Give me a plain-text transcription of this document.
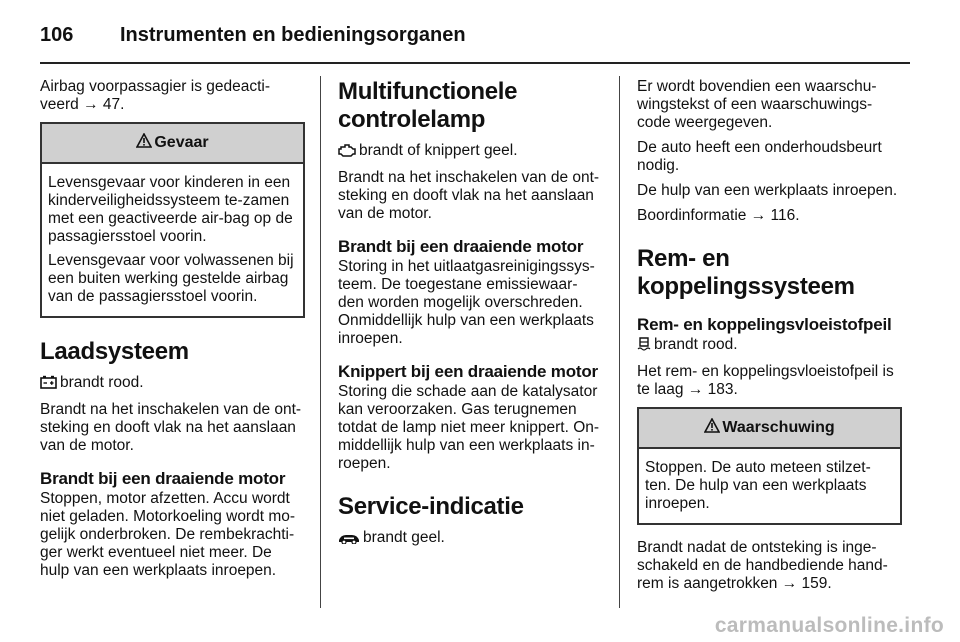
106 Instrumenten en bedieningsorganen

Airbag voorpassagier is gedeacti-veerd → 47.

Gevaar

Levensgevaar voor kinderen in een kinderveiligheidssysteem te-zamen met een geactiveerde air-bag op de passagiersstoel voorin.

Levensgevaar voor volwassenen bij een buiten werking gestelde airbag van de passagiersstoel voorin.

Laadsysteem

brandt rood.

Brandt na het inschakelen van de ont-steking en dooft vlak na het aanslaan van de motor.

Brandt bij een draaiende motor

Stoppen, motor afzetten. Accu wordt niet geladen. Motorkoeling wordt mo-gelijk onderbroken. De rembekrachti-ger werkt eventueel niet meer. De hulp van een werkplaats inroepen.

Multifunctionele controlelamp

brandt of knippert geel.

Brandt na het inschakelen van de ont-steking en dooft vlak na het aanslaan van de motor.

Brandt bij een draaiende motor

Storing in het uitlaatgasreinigingssys-teem. De toegestane emissiewaar-den worden mogelijk overschreden. Onmiddellijk hulp van een werkplaats inroepen.

Knippert bij een draaiende motor

Storing die schade aan de katalysator kan veroorzaken. Gas terugnemen totdat de lamp niet meer knippert. On-middellijk hulp van een werkplaats in-roepen.

Service-indicatie

brandt geel.

Er wordt bovendien een waarschu-wingstekst of een waarschuwings-code weergegeven.

De auto heeft een onderhoudsbeurt nodig.

De hulp van een werkplaats inroepen.

Boordinformatie → 116.

Rem- en koppelingssysteem
Rem- en koppelingsvloeistofpeil

brandt rood.

Het rem- en koppelingsvloeistofpeil is te laag → 183.

Waarschuwing

Stoppen. De auto meteen stilzet-ten. De hulp van een werkplaats inroepen.

Brandt nadat de ontsteking is inge-schakeld en de handbediende hand-rem is aangetrokken → 159.

carmanualsonline.info
